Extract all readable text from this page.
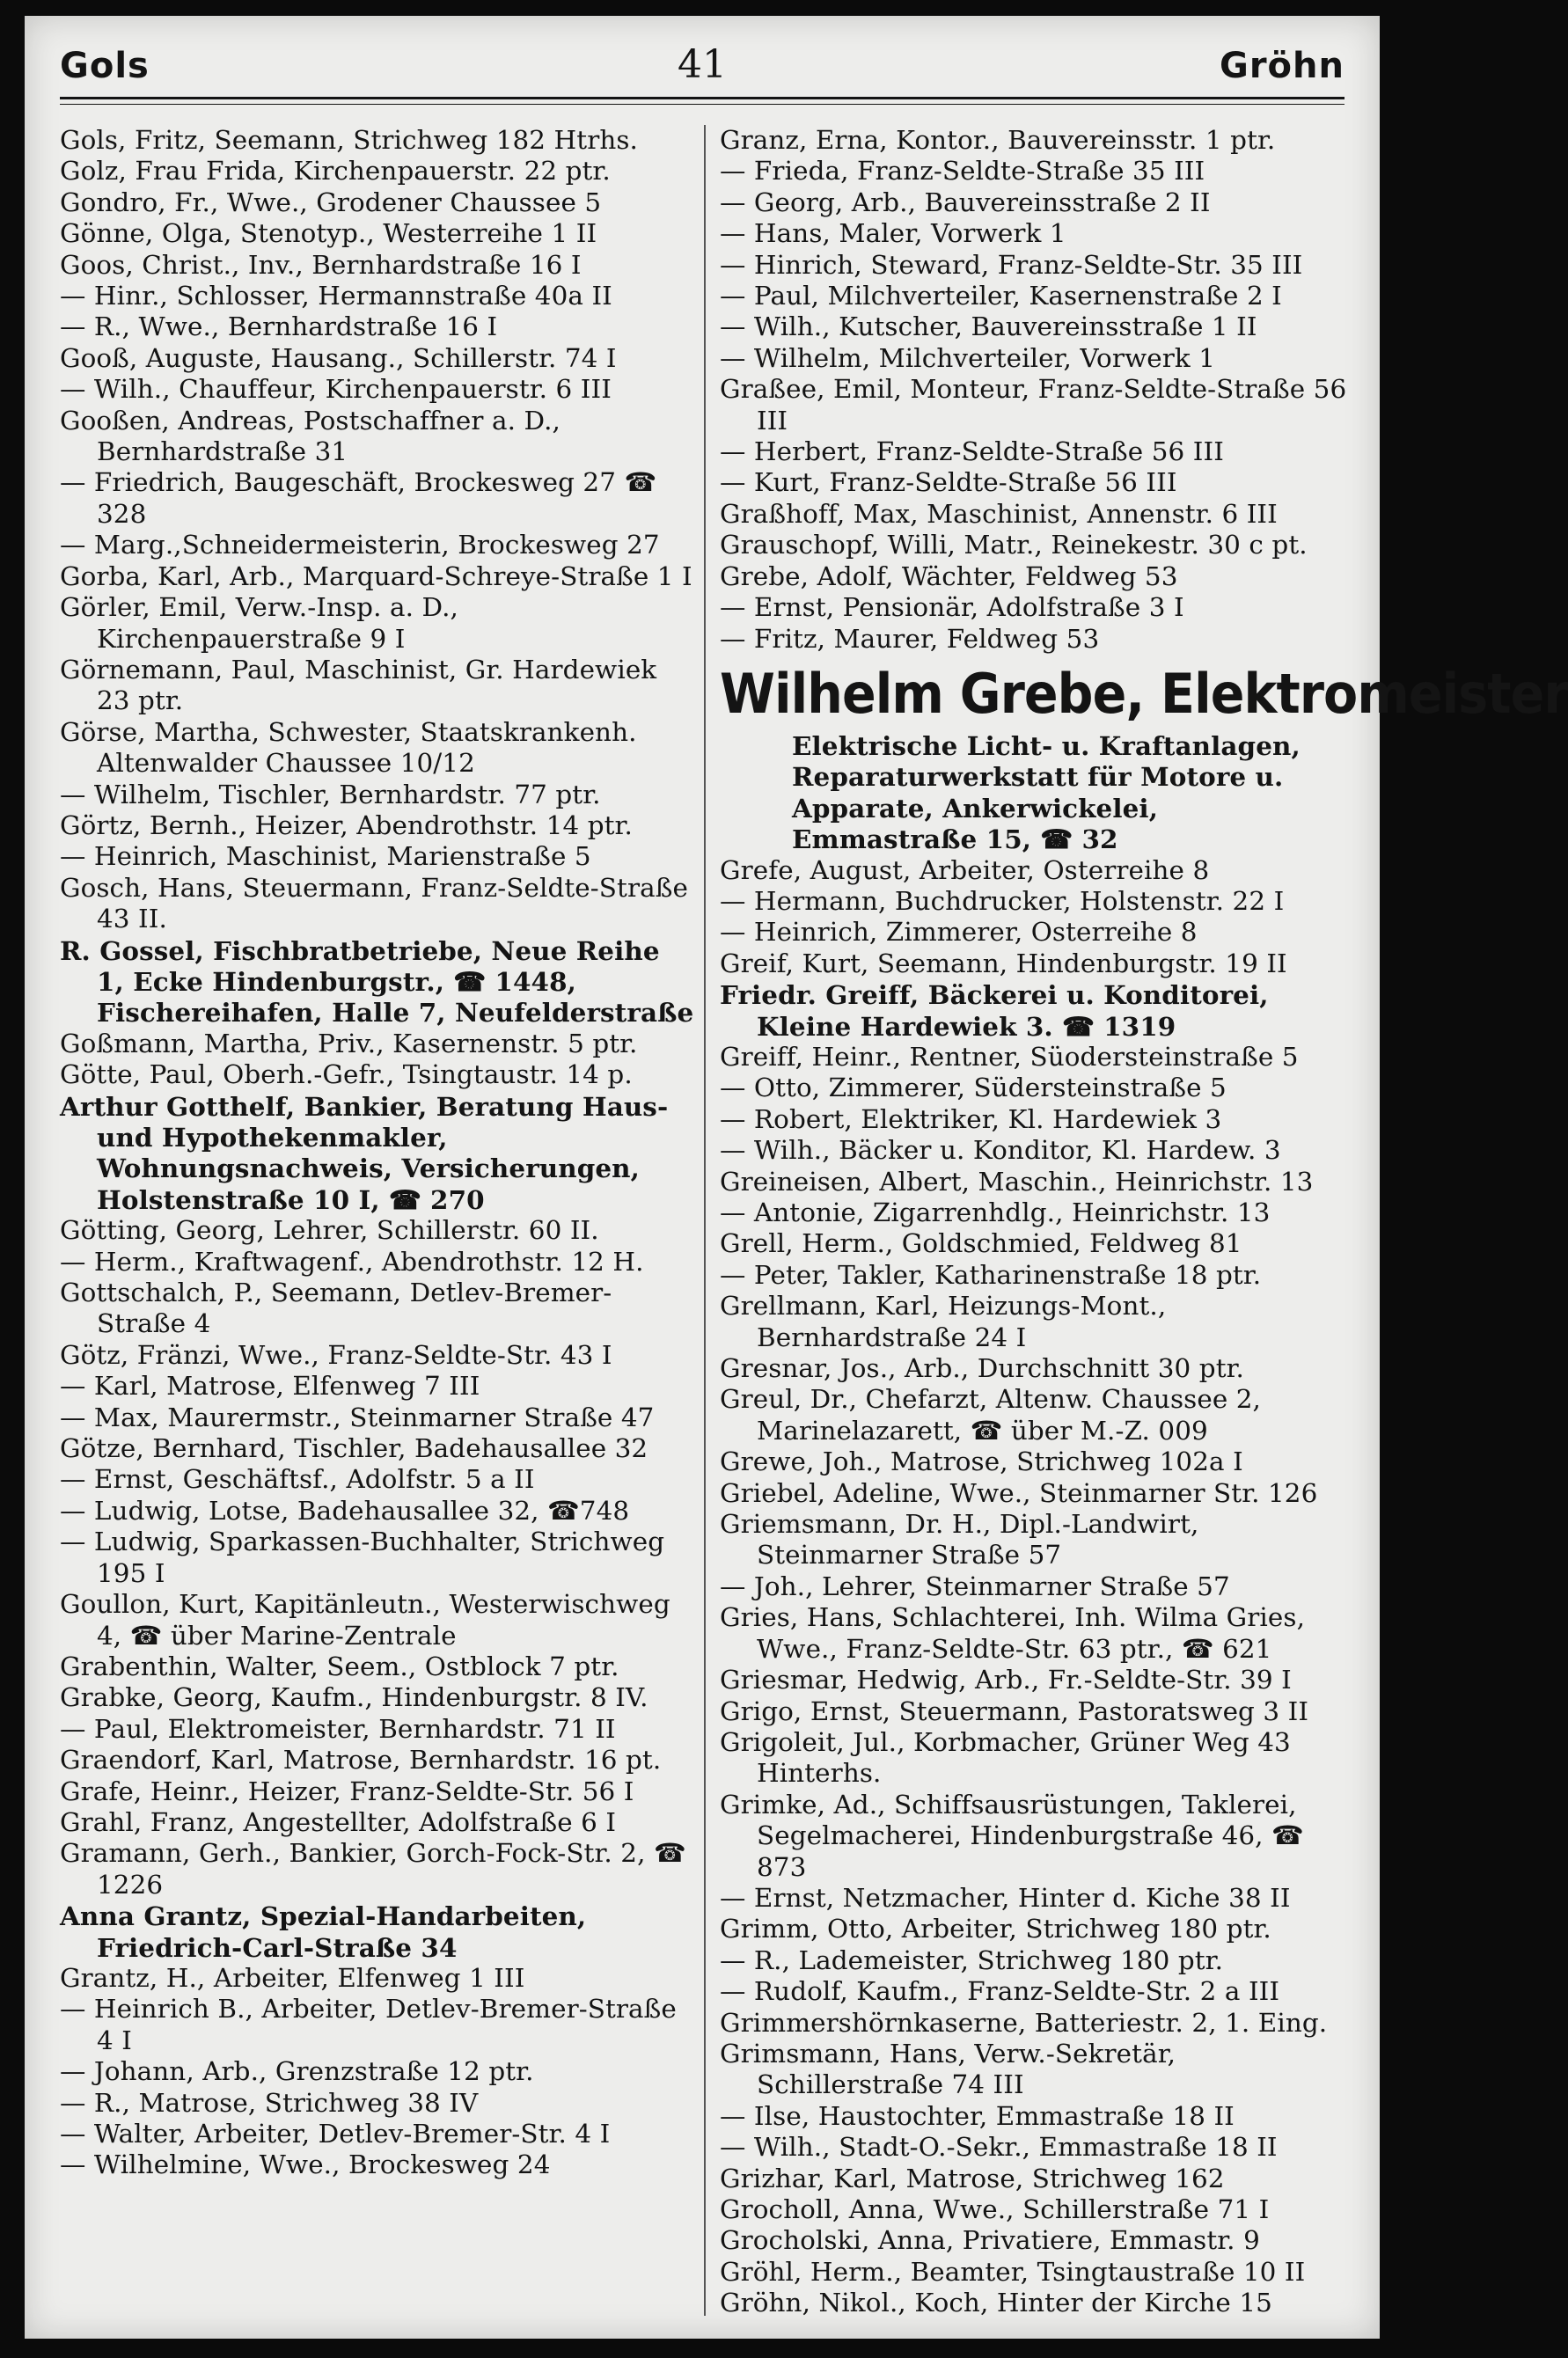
Gols	41	Gröhn

Gols, Fritz, Seemann, Strichweg 182 Htrhs.

Golz, Frau Frida, Kirchenpauerstr. 22 ptr.

Gondro, Fr., Wwe., Grodener Chaussee 5

Gönne, Olga, Stenotyp., Westerreihe 1 II

Goos, Christ., Inv., Bernhardstraße 16 I

— Hinr., Schlosser, Hermannstraße 40a II

— R., Wwe., Bernhardstraße 16 I

Gooß, Auguste, Hausang., Schillerstr. 74 I

— Wilh., Chauffeur, Kirchenpauerstr. 6 III

Gooßen, Andreas, Postschaffner a. D., Bernhardstraße 31

— Friedrich, Baugeschäft, Brockesweg 27 ☎ 328

— Marg.,Schneidermeisterin, Brockesweg 27

Gorba, Karl, Arb., Marquard-Schreye-Straße 1 I

Görler, Emil, Verw.-Insp. a. D., Kirchenpauerstraße 9 I

Görnemann, Paul, Maschinist, Gr. Hardewiek 23 ptr.

Görse, Martha, Schwester, Staatskrankenh. Altenwalder Chaussee 10/12

— Wilhelm, Tischler, Bernhardstr. 77 ptr.

Görtz, Bernh., Heizer, Abendrothstr. 14 ptr.

— Heinrich, Maschinist, Marienstraße 5

Gosch, Hans, Steuermann, Franz-Seldte-Straße 43 II.

R. Gossel, Fischbratbetriebe, Neue Reihe 1, Ecke Hindenburgstr., ☎ 1448, Fischereihafen, Halle 7, Neufelderstraße

Goßmann, Martha, Priv., Kasernenstr. 5 ptr.

Götte, Paul, Oberh.-Gefr., Tsingtaustr. 14 p.

Arthur Gotthelf, Bankier, Beratung Haus- und Hypothekenmakler, Wohnungsnachweis, Versicherungen, Holstenstraße 10 I, ☎ 270

Götting, Georg, Lehrer, Schillerstr. 60 II.

— Herm., Kraftwagenf., Abendrothstr. 12 H.

Gottschalch, P., Seemann, Detlev-Bremer-Straße 4

Götz, Fränzi, Wwe., Franz-Seldte-Str. 43 I

— Karl, Matrose, Elfenweg 7 III

— Max, Maurermstr., Steinmarner Straße 47

Götze, Bernhard, Tischler, Badehausallee 32

— Ernst, Geschäftsf., Adolfstr. 5 a II

— Ludwig, Lotse, Badehausallee 32, ☎748

— Ludwig, Sparkassen-Buchhalter, Strichweg 195 I

Goullon, Kurt, Kapitänleutn., Westerwischweg 4, ☎ über Marine-Zentrale

Grabenthin, Walter, Seem., Ostblock 7 ptr.

Grabke, Georg, Kaufm., Hindenburgstr. 8 IV.

— Paul, Elektromeister, Bernhardstr. 71 II

Graendorf, Karl, Matrose, Bernhardstr. 16 pt.

Grafe, Heinr., Heizer, Franz-Seldte-Str. 56 I

Grahl, Franz, Angestellter, Adolfstraße 6 I

Gramann, Gerh., Bankier, Gorch-Fock-Str. 2, ☎ 1226

Anna Grantz, Spezial-Handarbeiten, Friedrich-Carl-Straße 34

Grantz, H., Arbeiter, Elfenweg 1 III

— Heinrich B., Arbeiter, Detlev-Bremer-Straße 4 I

— Johann, Arb., Grenzstraße 12 ptr.

— R., Matrose, Strichweg 38 IV

— Walter, Arbeiter, Detlev-Bremer-Str. 4 I

— Wilhelmine, Wwe., Brockesweg 24

Granz, Erna, Kontor., Bauvereinsstr. 1 ptr.

— Frieda, Franz-Seldte-Straße 35 III

— Georg, Arb., Bauvereinsstraße 2 II

— Hans, Maler, Vorwerk 1

— Hinrich, Steward, Franz-Seldte-Str. 35 III

— Paul, Milchverteiler, Kasernenstraße 2 I

— Wilh., Kutscher, Bauvereinsstraße 1 II

— Wilhelm, Milchverteiler, Vorwerk 1

Graßee, Emil, Monteur, Franz-Seldte-Straße 56 III

— Herbert, Franz-Seldte-Straße 56 III

— Kurt, Franz-Seldte-Straße 56 III

Graßhoff, Max, Maschinist, Annenstr. 6 III

Grauschopf, Willi, Matr., Reinekestr. 30 c pt.

Grebe, Adolf, Wächter, Feldweg 53

— Ernst, Pensionär, Adolfstraße 3 I

— Fritz, Maurer, Feldweg 53

Wilhelm Grebe, Elektromeister

Elektrische Licht- u. Kraftanlagen, Reparaturwerkstatt für Motore u. Apparate, Ankerwickelei, Emmastraße 15, ☎ 32

Grefe, August, Arbeiter, Osterreihe 8

— Hermann, Buchdrucker, Holstenstr. 22 I

— Heinrich, Zimmerer, Osterreihe 8

Greif, Kurt, Seemann, Hindenburgstr. 19 II

Friedr. Greiff, Bäckerei u. Konditorei, Kleine Hardewiek 3. ☎ 1319

Greiff, Heinr., Rentner, Süodersteinstraße 5

— Otto, Zimmerer, Südersteinstraße 5

— Robert, Elektriker, Kl. Hardewiek 3

— Wilh., Bäcker u. Konditor, Kl. Hardew. 3

Greineisen, Albert, Maschin., Heinrichstr. 13

— Antonie, Zigarrenhdlg., Heinrichstr. 13

Grell, Herm., Goldschmied, Feldweg 81

— Peter, Takler, Katharinenstraße 18 ptr.

Grellmann, Karl, Heizungs-Mont., Bernhardstraße 24 I

Gresnar, Jos., Arb., Durchschnitt 30 ptr.

Greul, Dr., Chefarzt, Altenw. Chaussee 2, Marinelazarett, ☎ über M.-Z. 009

Grewe, Joh., Matrose, Strichweg 102a I

Griebel, Adeline, Wwe., Steinmarner Str. 126

Griemsmann, Dr. H., Dipl.-Landwirt, Steinmarner Straße 57

— Joh., Lehrer, Steinmarner Straße 57

Gries, Hans, Schlachterei, Inh. Wilma Gries, Wwe., Franz-Seldte-Str. 63 ptr., ☎ 621

Griesmar, Hedwig, Arb., Fr.-Seldte-Str. 39 I

Grigo, Ernst, Steuermann, Pastoratsweg 3 II

Grigoleit, Jul., Korbmacher, Grüner Weg 43 Hinterhs.

Grimke, Ad., Schiffsausrüstungen, Taklerei, Segelmacherei, Hindenburgstraße 46, ☎ 873

— Ernst, Netzmacher, Hinter d. Kiche 38 II

Grimm, Otto, Arbeiter, Strichweg 180 ptr.

— R., Lademeister, Strichweg 180 ptr.

— Rudolf, Kaufm., Franz-Seldte-Str. 2 a III

Grimmershörnkaserne, Batteriestr. 2, 1. Eing.

Grimsmann, Hans, Verw.-Sekretär, Schillerstraße 74 III

— Ilse, Haustochter, Emmastraße 18 II

— Wilh., Stadt-O.-Sekr., Emmastraße 18 II

Grizhar, Karl, Matrose, Strichweg 162

Grocholl, Anna, Wwe., Schillerstraße 71 I

Grocholski, Anna, Privatiere, Emmastr. 9

Gröhl, Herm., Beamter, Tsingtaustraße 10 II

Gröhn, Nikol., Koch, Hinter der Kirche 15
